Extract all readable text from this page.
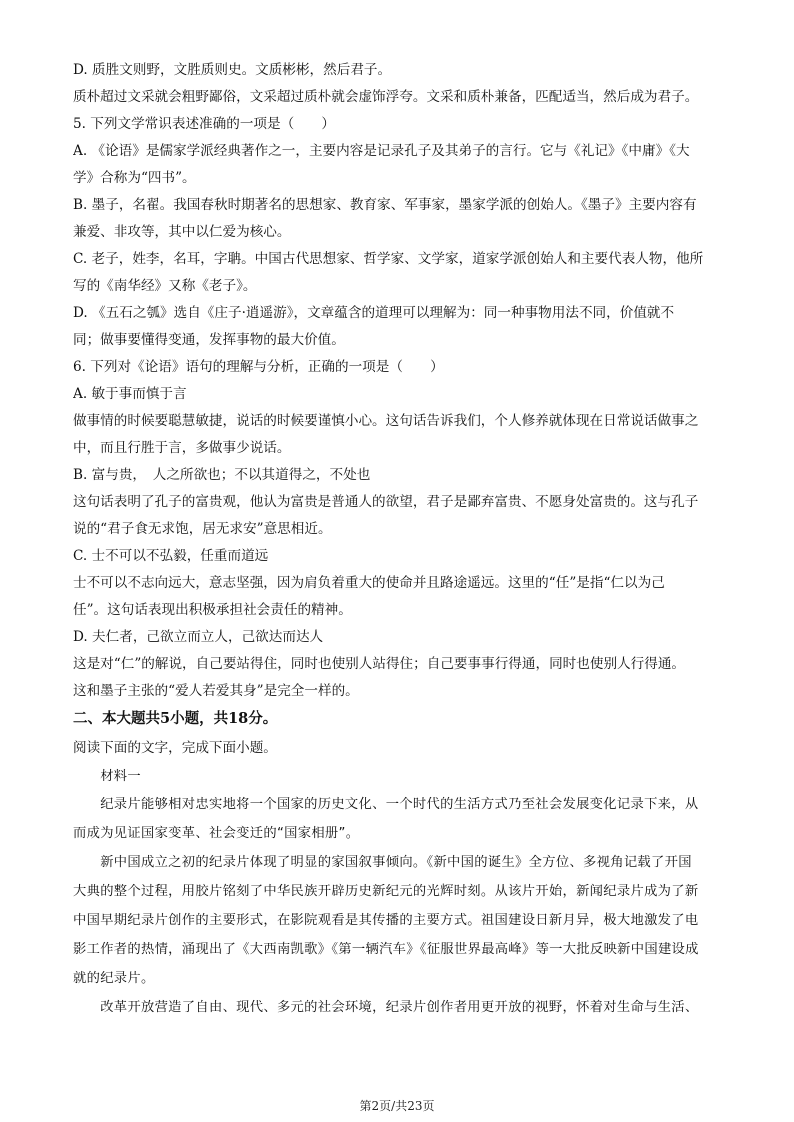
D. 质胜文则野，文胜质则史。文质彬彬，然后君子。
质朴超过文采就会粗野鄙俗，文采超过质朴就会虚饰浮夸。文采和质朴兼备，匹配适当，然后成为君子。
5. 下列文学常识表述准确的一项是（　　）
A. 《论语》是儒家学派经典著作之一，主要内容是记录孔子及其弟子的言行。它与《礼记》《中庸》《大
学》合称为“四书”。
B. 墨子，名翟。我国春秋时期著名的思想家、教育家、军事家，墨家学派的创始人。《墨子》主要内容有
兼爱、非攻等，其中以仁爱为核心。
C. 老子，姓李，名耳，字聃。中国古代思想家、哲学家、文学家，道家学派创始人和主要代表人物，他所
写的《南华经》又称《老子》。
D. 《五石之瓠》选自《庄子·逍遥游》，文章蕴含的道理可以理解为：同一种事物用法不同，价值就不
同；做事要懂得变通，发挥事物的最大价值。
6. 下列对《论语》语句的理解与分析，正确的一项是（　　）
A. 敏于事而慎于言
做事情的时候要聪慧敏捷，说话的时候要谨慎小心。这句话告诉我们，个人修养就体现在日常说话做事之
中，而且行胜于言，多做事少说话。
B. 富与贵，　人之所欲也；不以其道得之，不处也
这句话表明了孔子的富贵观，他认为富贵是普通人的欲望，君子是鄙弃富贵、不愿身处富贵的。这与孔子
说的“君子食无求饱，居无求安”意思相近。
C. 士不可以不弘毅，任重而道远
士不可以不志向远大，意志坚强，因为肩负着重大的使命并且路途遥远。这里的“任”是指“仁以为己
任”。这句话表现出积极承担社会责任的精神。
D. 夫仁者，己欲立而立人，己欲达而达人
这是对“仁”的解说，自己要站得住，同时也使别人站得住；自己要事事行得通，同时也使别人行得通。
这和墨子主张的“爱人若爱其身”是完全一样的。
二、本大题共5小题，共18分。
阅读下面的文字，完成下面小题。
　　材料一
　　纪录片能够相对忠实地将一个国家的历史文化、一个时代的生活方式乃至社会发展变化记录下来，从
而成为见证国家变革、社会变迁的“国家相册”。
　　新中国成立之初的纪录片体现了明显的家国叙事倾向。《新中国的诞生》全方位、多视角记载了开国
大典的整个过程，用胶片铭刻了中华民族开辟历史新纪元的光辉时刻。从该片开始，新闻纪录片成为了新
中国早期纪录片创作的主要形式，在影院观看是其传播的主要方式。祖国建设日新月异，极大地激发了电
影工作者的热情，涌现出了《大西南凯歌》《第一辆汽车》《征服世界最高峰》等一大批反映新中国建设成
就的纪录片。
　　改革开放营造了自由、现代、多元的社会环境，纪录片创作者用更开放的视野，怀着对生命与生活、
第2页/共23页
